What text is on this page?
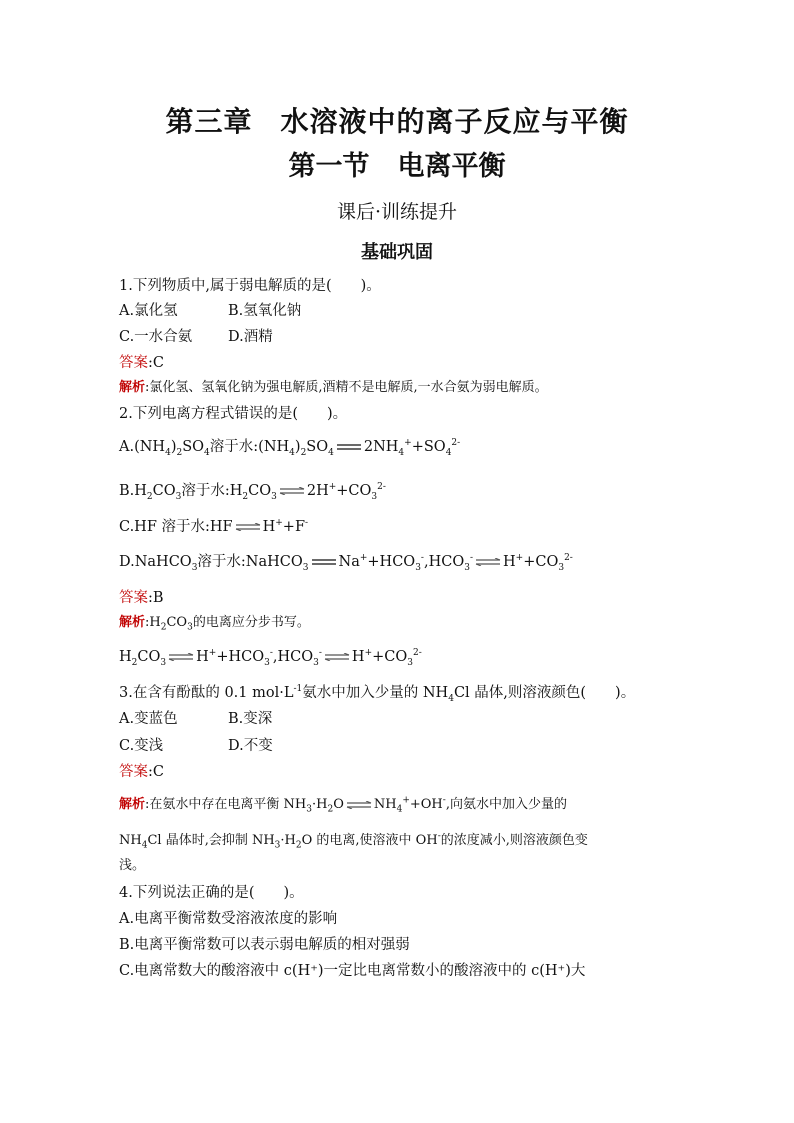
第三章 水溶液中的离子反应与平衡
第一节 电离平衡
课后·训练提升
基础巩固
1.下列物质中,属于弱电解质的是(　　)。
A.氯化氢	B.氢氧化钠
C.一水合氨 D.酒精
答案:C
解析:氯化氢、氢氧化钠为强电解质,酒精不是电解质,一水合氨为弱电解质。
2.下列电离方程式错误的是(　　)。
$A.(NH_4)_2SO_4$溶于水$:(NH_4)_2SO_4$ $2NH_4^++SO_4^{2-}$
$B.H_2CO_3$溶于水$:H_2CO_3$ ⇌ $2H^++CO_3^{2-}$
C.HF 溶于水:HF ⇌ H++F-
D.NaHCO$_3$溶于水:NaHCO$_3$ $Na^++HCO_3^-,HCO_3^-$ ⇌ $H^++CO_3^{2-}$
答案:B
解析$:H_2CO_3$的电离应分步书写。
$H_2CO_3$ ⇌ $H^++HCO_3^-,HCO_3^-$ ⇌ $H^++CO_3^{2-}$
3.在含有酚酞的 0.1 $mol\cdot L^{-1}$氨水中加入少量的 $NH_4Cl$ 晶体,则溶液颜色(　　)。
A.变蓝色	B.变深
C.变浅	D.不变
答案:C
解析:在氨水中存在电离平衡 $NH_3\cdot H_2O$ ⇌ $NH_4^++OH^-$,向氨水中加入少量的
$NH_4Cl$ 晶体时,会抑制 $NH_3\cdot H_2O$ 的电离,使溶液中 OH-的浓度减小,则溶液颜色变
浅。
4.下列说法正确的是(　　)。
A.电离平衡常数受溶液浓度的影响
B.电离平衡常数可以表示弱电解质的相对强弱
C.电离常数大的酸溶液中 c(H⁺)一定比电离常数小的酸溶液中的 c(H⁺)大
